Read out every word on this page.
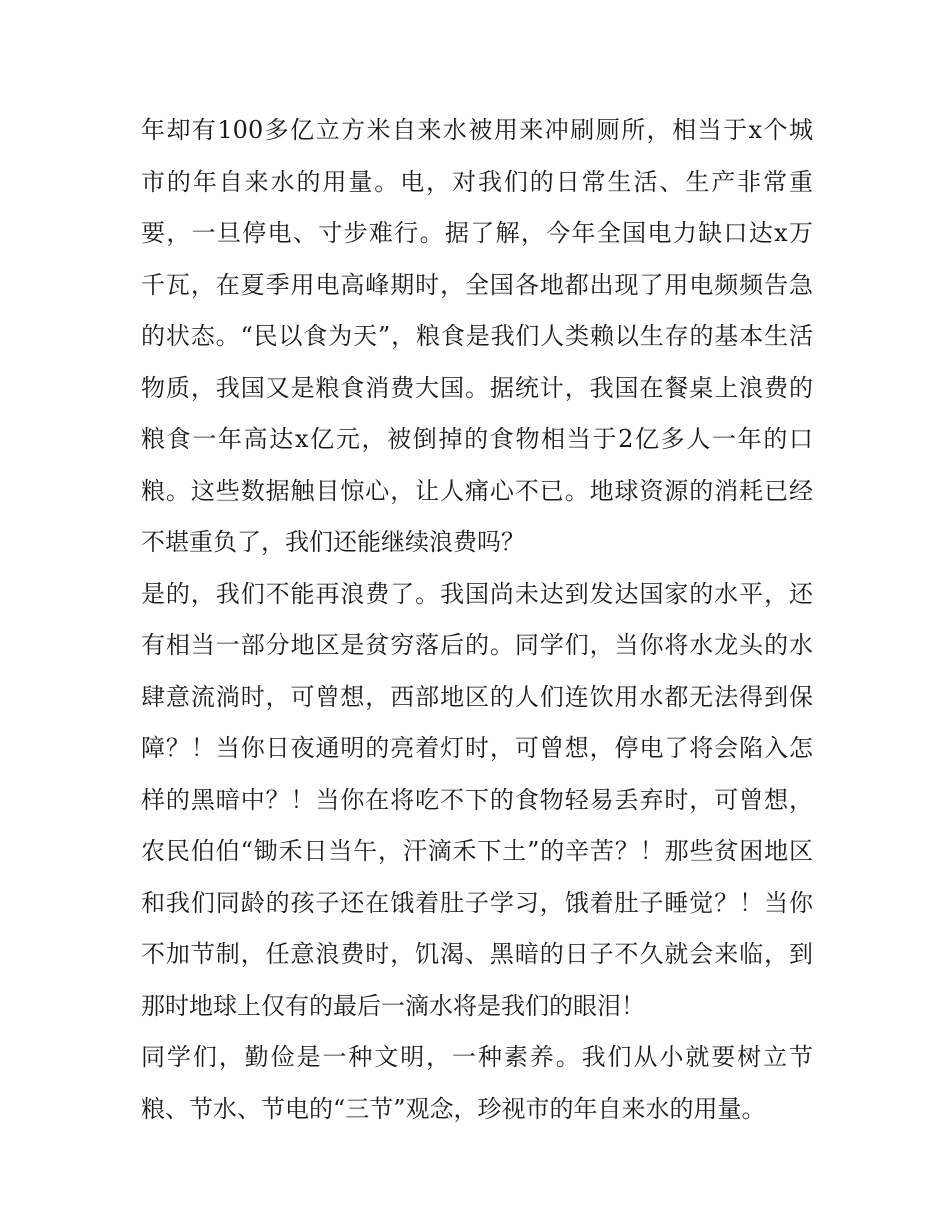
年却有100多亿立方米自来水被用来冲刷厕所，相当于x个城
市的年自来水的用量。电，对我们的日常生活、生产非常重
要，一旦停电、寸步难行。据了解，今年全国电力缺口达x万
千瓦，在夏季用电高峰期时，全国各地都出现了用电频频告急
的状态。“民以食为天”，粮食是我们人类赖以生存的基本生活
物质，我国又是粮食消费大国。据统计，我国在餐桌上浪费的
粮食一年高达x亿元，被倒掉的食物相当于2亿多人一年的口
粮。这些数据触目惊心，让人痛心不已。地球资源的消耗已经
不堪重负了，我们还能继续浪费吗？
是的，我们不能再浪费了。我国尚未达到发达国家的水平，还
有相当一部分地区是贫穷落后的。同学们，当你将水龙头的水
肆意流淌时，可曾想，西部地区的人们连饮用水都无法得到保
障？！当你日夜通明的亮着灯时，可曾想，停电了将会陷入怎
样的黑暗中？！当你在将吃不下的食物轻易丢弃时，可曾想，
农民伯伯“锄禾日当午，汗滴禾下土”的辛苦？！那些贫困地区
和我们同龄的孩子还在饿着肚子学习，饿着肚子睡觉？！当你
不加节制，任意浪费时，饥渴、黑暗的日子不久就会来临，到
那时地球上仅有的最后一滴水将是我们的眼泪！
同学们，勤俭是一种文明，一种素养。我们从小就要树立节
粮、节水、节电的“三节”观念，珍视市的年自来水的用量。
